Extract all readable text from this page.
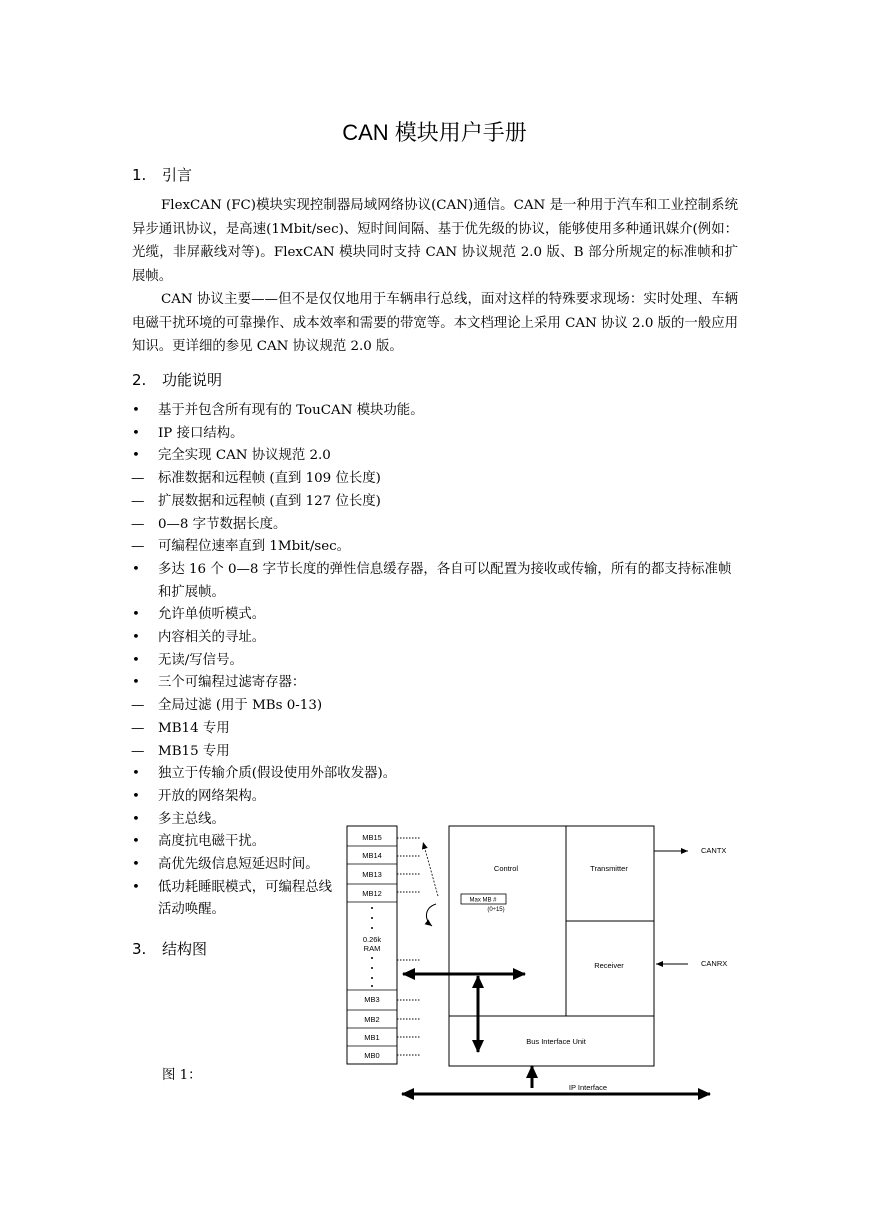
CAN 模块用户手册
1. 引言

FlexCAN (FC)模块实现控制器局域网络协议(CAN)通信。CAN 是一种用于汽车和工业控制系统异步通讯协议，是高速(1Mbit/sec)、短时间间隔、基于优先级的协议，能够使用多种通讯媒介(例如：光缆，非屏蔽线对等)。FlexCAN 模块同时支持 CAN 协议规范 2.0 版、B 部分所规定的标准帧和扩展帧。

CAN 协议主要——但不是仅仅地用于车辆串行总线，面对这样的特殊要求现场：实时处理、车辆电磁干扰环境的可靠操作、成本效率和需要的带宽等。本文档理论上采用 CAN 协议 2.0 版的一般应用知识。更详细的参见 CAN 协议规范 2.0 版。

2. 功能说明
•	基于并包含所有现有的 TouCAN 模块功能。
•	IP 接口结构。
•	完全实现 CAN 协议规范 2.0
—	标准数据和远程帧 (直到 109 位长度)
—	扩展数据和远程帧 (直到 127 位长度)
—	0—8 字节数据长度。
—	可编程位速率直到 1Mbit/sec。
•	多达 16 个 0—8 字节长度的弹性信息缓存器，各自可以配置为接收或传输，所有的都支持标准帧和扩展帧。
•	允许单侦听模式。
•	内容相关的寻址。
•	无读/写信号。
•	三个可编程过滤寄存器：
—	全局过滤 (用于 MBs 0-13)
—	MB14 专用
—	MB15 专用
•	独立于传输介质(假设使用外部收发器)。
•	开放的网络架构。
•	多主总线。
•	高度抗电磁干扰。
•	高优先级信息短延迟时间。
•	低功耗睡眠模式，可编程总线活动唤醒。
3. 结构图
图 1：
MB15
MB14
MB13
MB12
0.26k
RAM
MB3
MB2
MB1
MB0
Control	Transmitter
Receiver
Bus Interface Unit
Max MB #
(0÷15)
CANTX
CANRX
IP Interface
